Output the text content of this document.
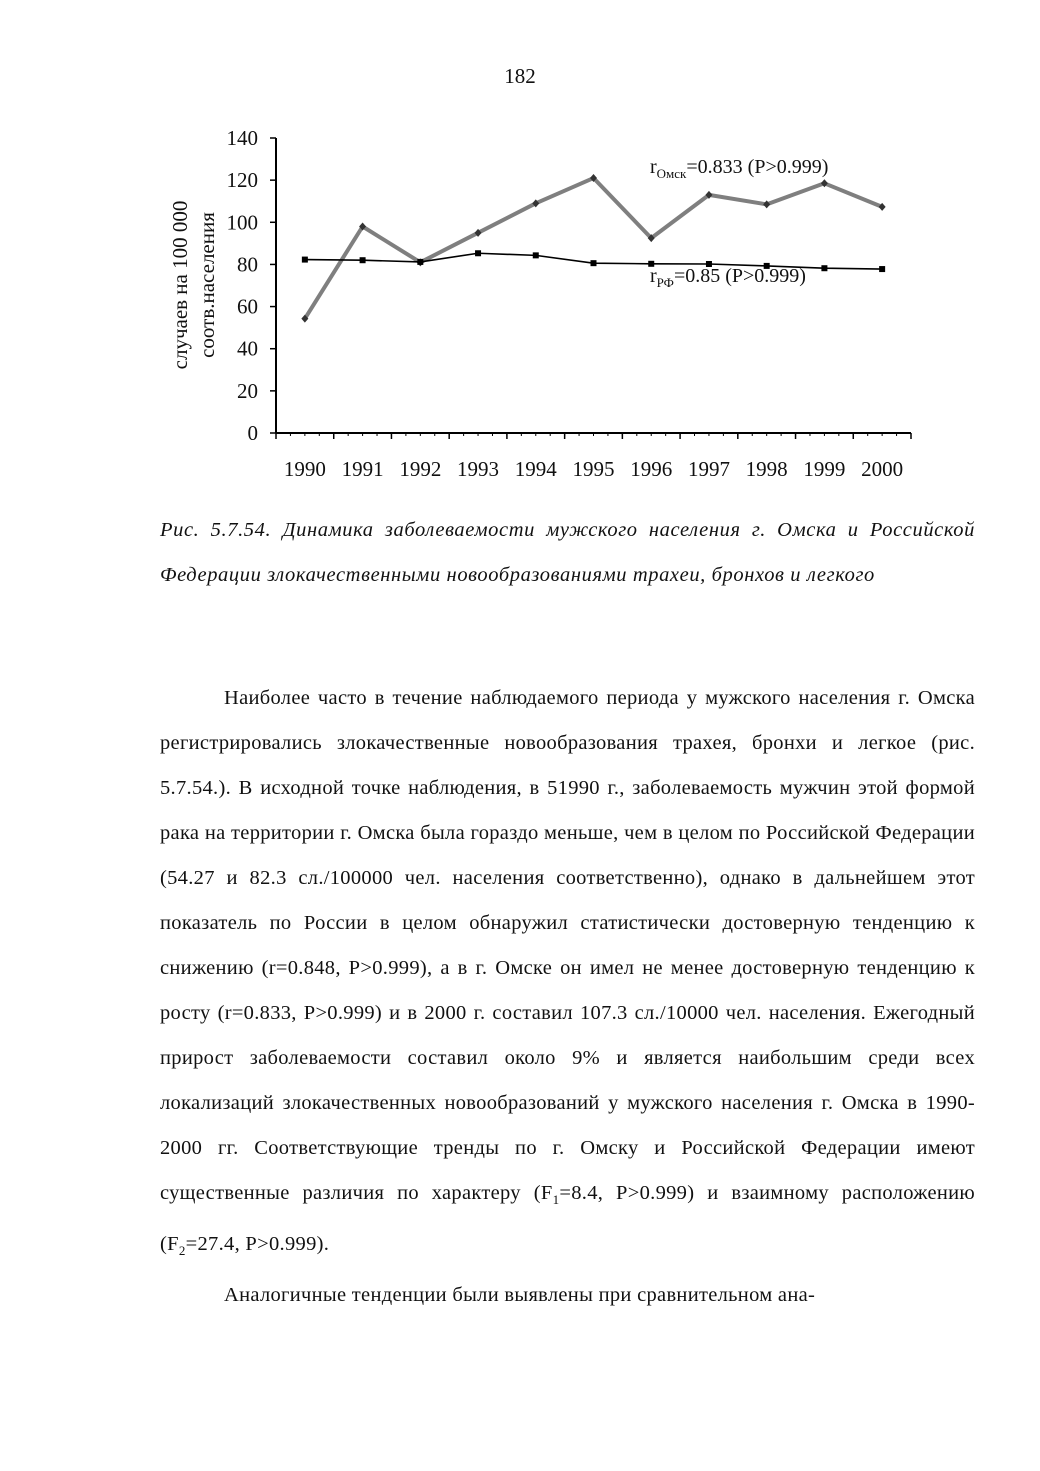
182
0
20
40
60
80
100
120
140
1990 1991 1992 1993 1994 1995 1996 1997 1998 1999 2000
$r_{Омск}=0.833$ (P>0.999)
$r_{РФ}=0.85$ (P>0.999)
случаев на 100 000 соотв.населения
Рис. 5.7.54. Динамика заболеваемости мужского населения г. Омска и Российской Федерации злокачественными новообразованиями трахеи, бронхов и легкого

Наиболее часто в течение наблюдаемого периода у мужского населения г. Омска регистрировались злокачественные новообразования трахея, бронхи и легкое (рис. 5.7.54.). В исходной точке наблюдения, в 51990 г., заболеваемость мужчин этой формой рака на территории г. Омска была гораздо меньше, чем в целом по Российской Федерации (54.27 и 82.3 сл./100000 чел. населения соответственно), однако в дальнейшем этот показатель по России в целом обнаружил статистически достоверную тенденцию к снижению (r=0.848, P>0.999), а в г. Омске он имел не менее достоверную тенденцию к росту (r=0.833, P>0.999) и в 2000 г. составил 107.3 сл./10000 чел. населения. Ежегодный прирост заболеваемости составил около 9% и является наибольшим среди всех локализаций злокачественных новообразований у мужского населения г. Омска в 1990-2000 гг. Соответствующие тренды по г. Омску и Российской Федерации имеют существенные различия по характеру ($F_1=8.4$, P>0.999) и взаимному расположению ($F_2=27.4$, P>0.999).

Аналогичные тенденции были выявлены при сравнительном ана-
